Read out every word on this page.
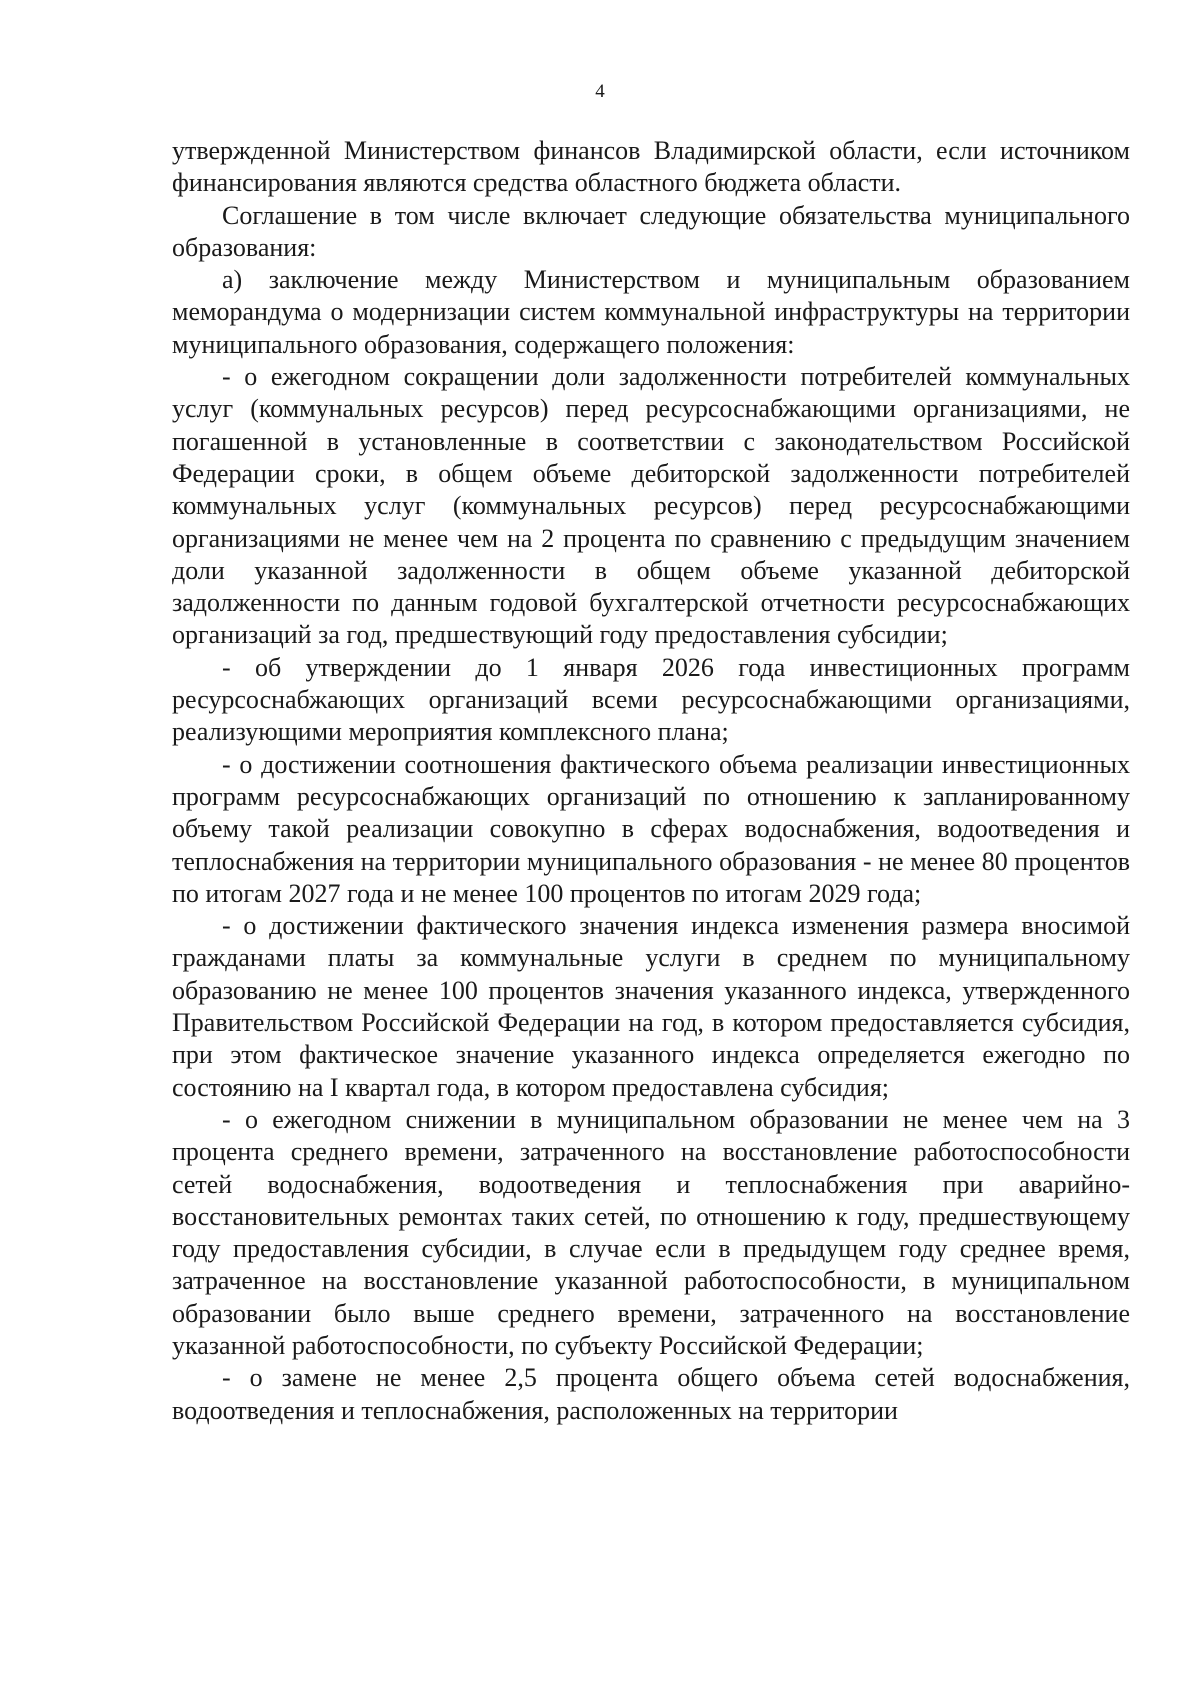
4

утвержденной Министерством финансов Владимирской области, если источником финансирования являются средства областного бюджета области.

Соглашение в том числе включает следующие обязательства муниципального образования:

а) заключение между Министерством и муниципальным образованием меморандума о модернизации систем коммунальной инфраструктуры на территории муниципального образования, содержащего положения:

- о ежегодном сокращении доли задолженности потребителей коммунальных услуг (коммунальных ресурсов) перед ресурсоснабжающими организациями, не погашенной в установленные в соответствии с законодательством Российской Федерации сроки, в общем объеме дебиторской задолженности потребителей коммунальных услуг (коммунальных ресурсов) перед ресурсоснабжающими организациями не менее чем на 2 процента по сравнению с предыдущим значением доли указанной задолженности в общем объеме указанной дебиторской задолженности по данным годовой бухгалтерской отчетности ресурсоснабжающих организаций за год, предшествующий году предоставления субсидии;

- об утверждении до 1 января 2026 года инвестиционных программ ресурсоснабжающих организаций всеми ресурсоснабжающими организациями, реализующими мероприятия комплексного плана;

- о достижении соотношения фактического объема реализации инвестиционных программ ресурсоснабжающих организаций по отношению к запланированному объему такой реализации совокупно в сферах водоснабжения, водоотведения и теплоснабжения на территории муниципального образования - не менее 80 процентов по итогам 2027 года и не менее 100 процентов по итогам 2029 года;

- о достижении фактического значения индекса изменения размера вносимой гражданами платы за коммунальные услуги в среднем по муниципальному образованию не менее 100 процентов значения указанного индекса, утвержденного Правительством Российской Федерации на год, в котором предоставляется субсидия, при этом фактическое значение указанного индекса определяется ежегодно по состоянию на I квартал года, в котором предоставлена субсидия;

- о ежегодном снижении в муниципальном образовании не менее чем на 3 процента среднего времени, затраченного на восстановление работоспособности сетей водоснабжения, водоотведения и теплоснабжения при аварийно-восстановительных ремонтах таких сетей, по отношению к году, предшествующему году предоставления субсидии, в случае если в предыдущем году среднее время, затраченное на восстановление указанной работоспособности, в муниципальном образовании было выше среднего времени, затраченного на восстановление указанной работоспособности, по субъекту Российской Федерации;

- о замене не менее 2,5 процента общего объема сетей водоснабжения, водоотведения и теплоснабжения, расположенных на территории
